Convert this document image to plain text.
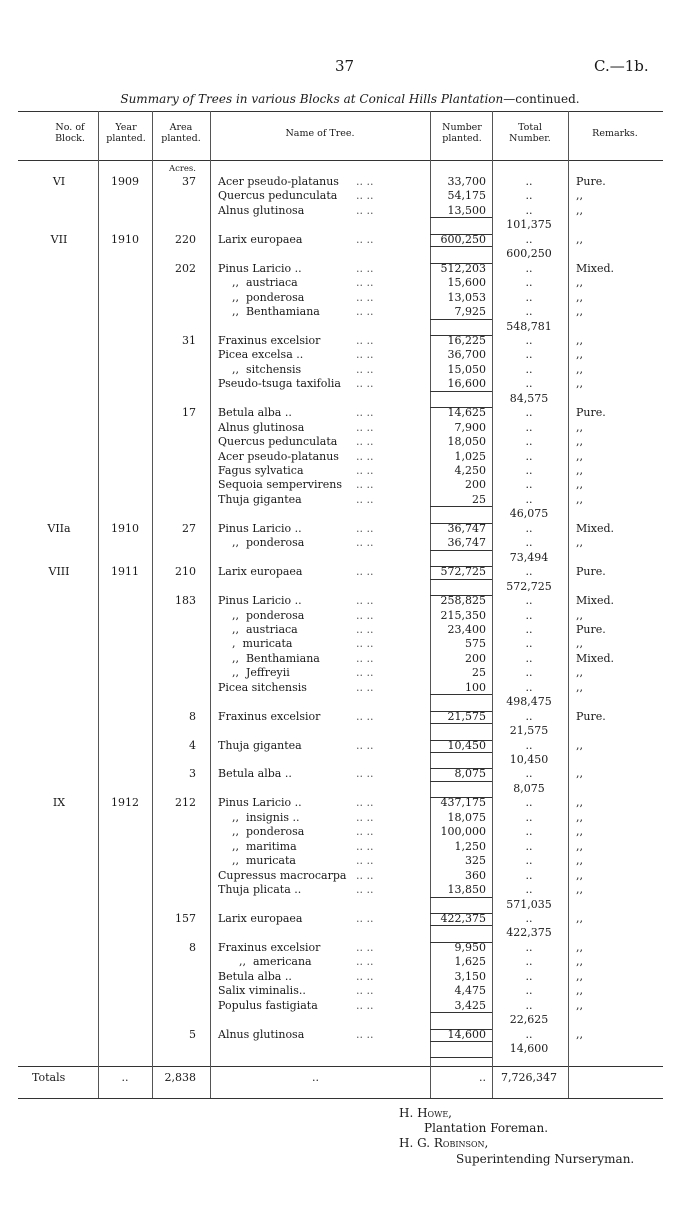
37	C.—1b.
Summary of Trees in various Blocks at Conical Hills Plantation—continued.
No. of Block.
Year planted.
Area planted.	Name of Tree.
Number planted.
Total Number.	Remarks.
Acres.
VI	1909	37 Acer pseudo-platanus .. ..	33,700	..	Pure.
Quercus pedunculata .. ..	54,175	..	,,
Alnus glutinosa	.. ..	13,500	..	,,
101,375
VII	1910	220 Larix europaea	.. ..	600,250	..	,,
600,250
202 Pinus Laricio ..	.. ..	512,203	..	Mixed.
,,  austriaca	.. ..	15,600	..	,,
,,  ponderosa	.. ..	13,053	..	,,
,,  Benthamiana	.. ..	7,925	..	,,
548,781
31 Fraxinus excelsior	.. ..	16,225	..	,,
Picea excelsa ..	.. ..	36,700	..	,,
,,  sitchensis	.. ..	15,050	..	,,
Pseudo-tsuga taxifolia .. ..	16,600	..	,,
84,575
17 Betula alba ..	.. ..	14,625	..	Pure.
Alnus glutinosa	.. ..	7,900	..	,,
Quercus pedunculata .. ..	18,050	..	,,
Acer pseudo-platanus .. ..	1,025	..	,,
Fagus sylvatica	.. ..	4,250	..	,,
Sequoia sempervirens .. ..	200	..	,,
Thuja gigantea	.. ..	25	..	,,
46,075
VIIa	1910	27 Pinus Laricio ..	.. ..	36,747	..	Mixed.
,,  ponderosa	.. ..	36,747	..	,,
73,494
VIII	1911	210 Larix europaea	.. ..	572,725	..	Pure.
572,725
183 Pinus Laricio ..	.. ..	258,825	..	Mixed.
,,  ponderosa	.. ..	215,350	..	,,
,,  austriaca	.. ..	23,400	..	Pure.
,  muricata	.. ..	575	..	,,
,,  Benthamiana	.. ..	200	..	Mixed.
,,  Jeffreyii	.. ..	25	..	,,
Picea sitchensis	.. ..	100	..	,,
498,475
8 Fraxinus excelsior	.. ..	21,575	..	Pure.
21,575
4 Thuja gigantea	.. ..	10,450	..	,,
10,450
3 Betula alba ..	.. ..	8,075	..	,,
8,075
IX	1912	212 Pinus Laricio ..	.. ..	437,175	..	,,
,,  insignis ..	.. ..	18,075	..	,,
,,  ponderosa	.. ..	100,000	..	,,
,,  maritima	.. ..	1,250	..	,,
,,  muricata	.. ..	325	..	,,
Cupressus macrocarpa .. ..	360	..	,,
Thuja plicata ..	.. ..	13,850	..	,,
571,035
157 Larix europaea	.. ..	422,375	..	,,
422,375
8 Fraxinus excelsior	.. ..	9,950	..	,,
,,  americana	.. ..	1,625	..	,,
Betula alba ..	.. ..	3,150	..	,,
Salix viminalis..	.. ..	4,475	..	,,
Populus fastigiata	.. ..	3,425	..	,,
22,625
5 Alnus glutinosa	.. ..	14,600	..	,,
14,600
Totals	..	2,838	..	..	7,726,347
H. Howe,
Plantation Foreman.
H. G. Robinson,
Superintending Nurseryman.
